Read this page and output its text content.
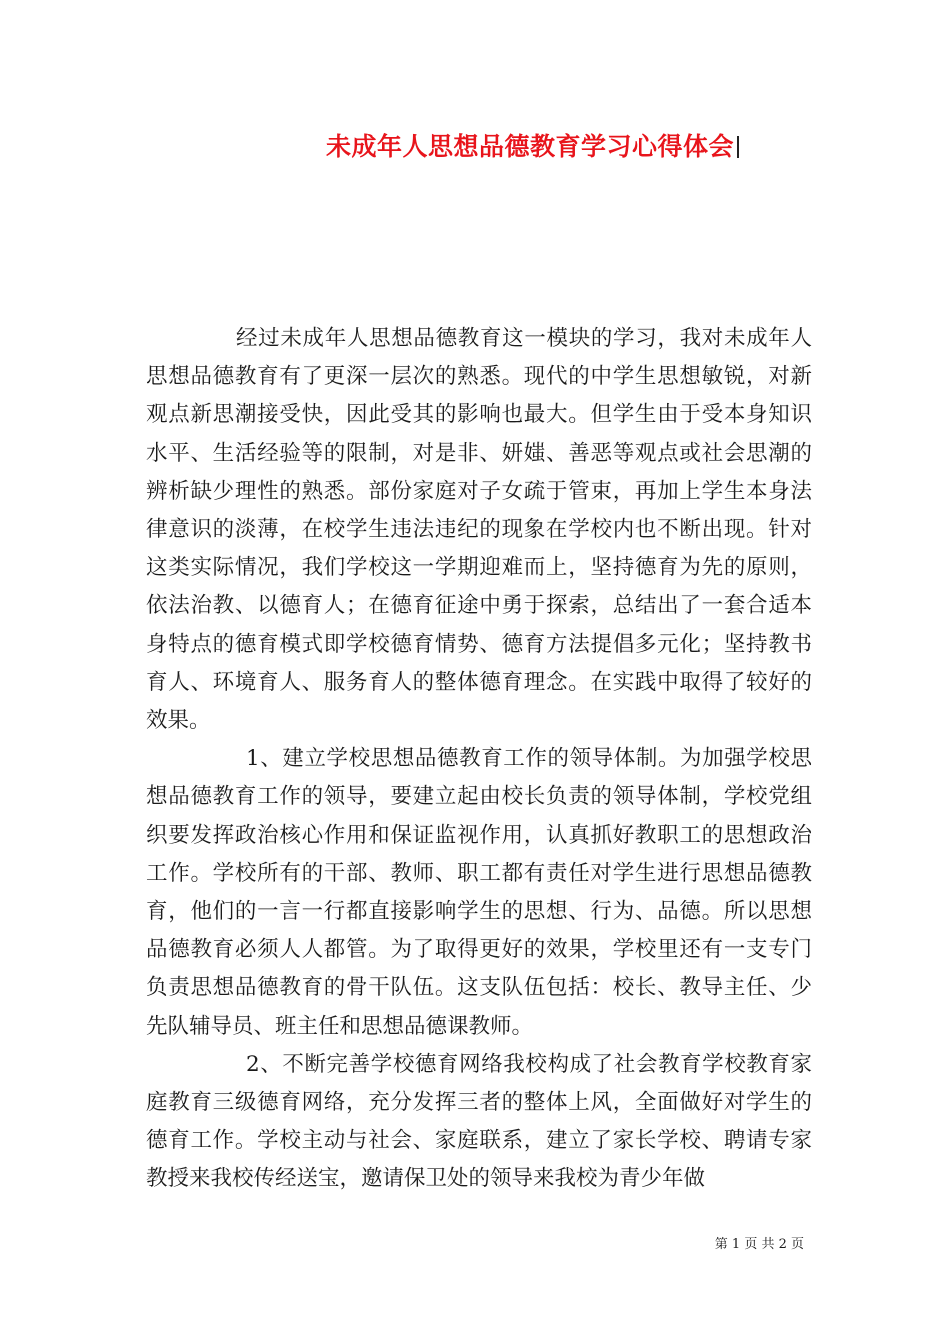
未成年人思想品德教育学习心得体会

经过未成年人思想品德教育这一模块的学习，我对未成年人思想品德教育有了更深一层次的熟悉。现代的中学生思想敏锐，对新观点新思潮接受快，因此受其的影响也最大。但学生由于受本身知识水平、生活经验等的限制，对是非、妍媸、善恶等观点或社会思潮的辨析缺少理性的熟悉。部份家庭对子女疏于管束，再加上学生本身法律意识的淡薄，在校学生违法违纪的现象在学校内也不断出现。针对这类实际情况，我们学校这一学期迎难而上，坚持德育为先的原则，依法治教、以德育人；在德育征途中勇于探索，总结出了一套合适本身特点的德育模式即学校德育情势、德育方法提倡多元化；坚持教书育人、环境育人、服务育人的整体德育理念。在实践中取得了较好的效果。

1、建立学校思想品德教育工作的领导体制。为加强学校思想品德教育工作的领导，要建立起由校长负责的领导体制，学校党组织要发挥政治核心作用和保证监视作用，认真抓好教职工的思想政治工作。学校所有的干部、教师、职工都有责任对学生进行思想品德教育，他们的一言一行都直接影响学生的思想、行为、品德。所以思想品德教育必须人人都管。为了取得更好的效果，学校里还有一支专门负责思想品德教育的骨干队伍。这支队伍包括：校长、教导主任、少先队辅导员、班主任和思想品德课教师。

2、不断完善学校德育网络我校构成了社会教育学校教育家庭教育三级德育网络，充分发挥三者的整体上风，全面做好对学生的德育工作。学校主动与社会、家庭联系，建立了家长学校、聘请专家教授来我校传经送宝，邀请保卫处的领导来我校为青少年做

第 1 页 共 2 页
